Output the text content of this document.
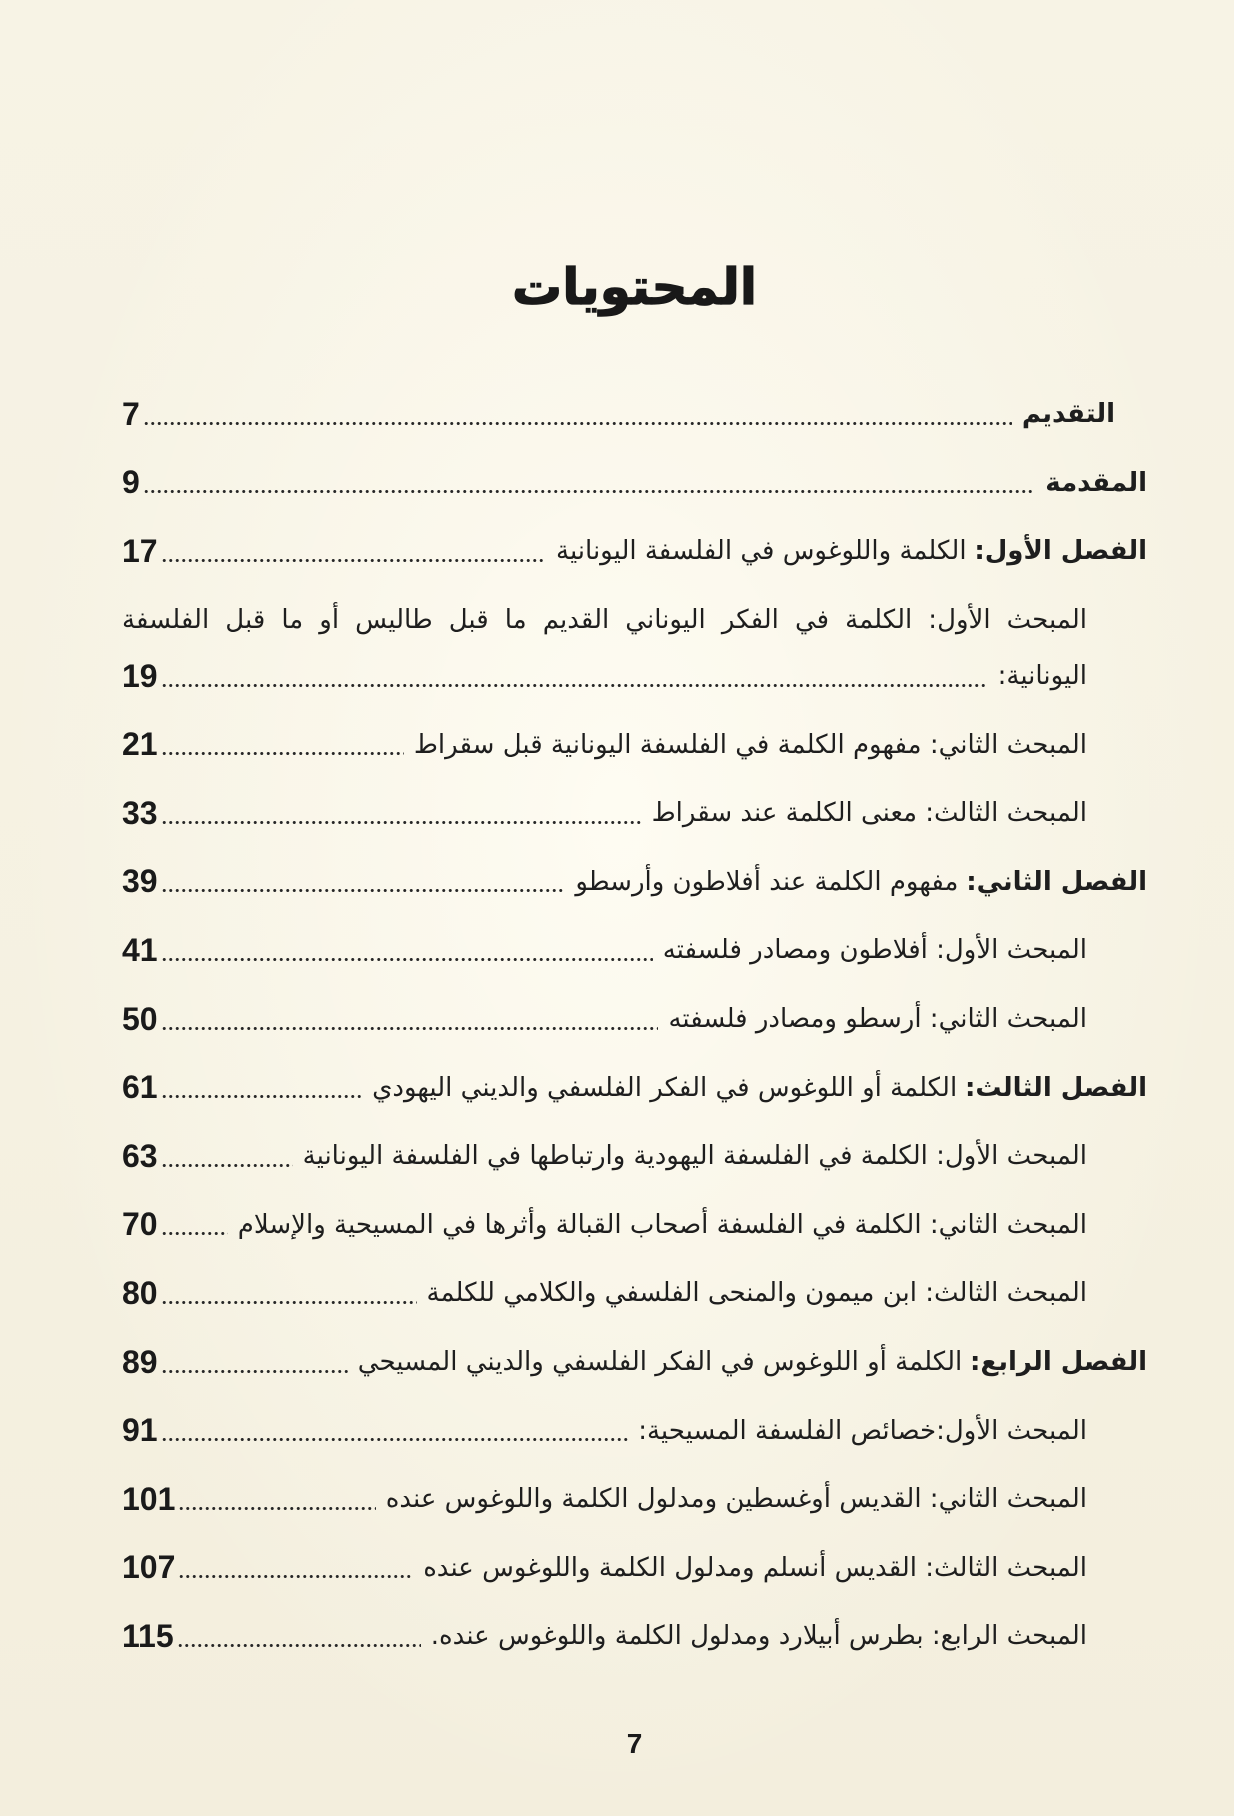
المحتويات
التقديم
7
المقدمة
9
الفصل الأول:الكلمة واللوغوس في الفلسفة اليونانية
17
المبحث الأول: الكلمة في الفكر اليوناني القديم ما قبل طاليس أو ما قبل الفلسفة
اليونانية:
19
المبحث الثاني: مفهوم الكلمة في الفلسفة اليونانية قبل سقراط
21
المبحث الثالث: معنى الكلمة عند سقراط
33
الفصل الثاني:مفهوم الكلمة عند أفلاطون وأرسطو
39
المبحث الأول: أفلاطون ومصادر فلسفته
41
المبحث الثاني: أرسطو ومصادر فلسفته
50
الفصل الثالث:الكلمة أو اللوغوس في الفكر الفلسفي والديني اليهودي
61
المبحث الأول: الكلمة في الفلسفة اليهودية وارتباطها في الفلسفة اليونانية
63
المبحث الثاني: الكلمة في الفلسفة أصحاب القبالة وأثرها في المسيحية والإسلام
70
المبحث الثالث: ابن ميمون والمنحى الفلسفي والكلامي للكلمة
80
الفصل الرابع:الكلمة أو اللوغوس في الفكر الفلسفي والديني المسيحي
89
المبحث الأول:خصائص الفلسفة المسيحية:
91
المبحث الثاني: القديس أوغسطين ومدلول الكلمة واللوغوس عنده
101
المبحث الثالث: القديس أنسلم ومدلول الكلمة واللوغوس عنده
107
المبحث الرابع: بطرس أبيلارد ومدلول الكلمة واللوغوس عنده.
115
7
